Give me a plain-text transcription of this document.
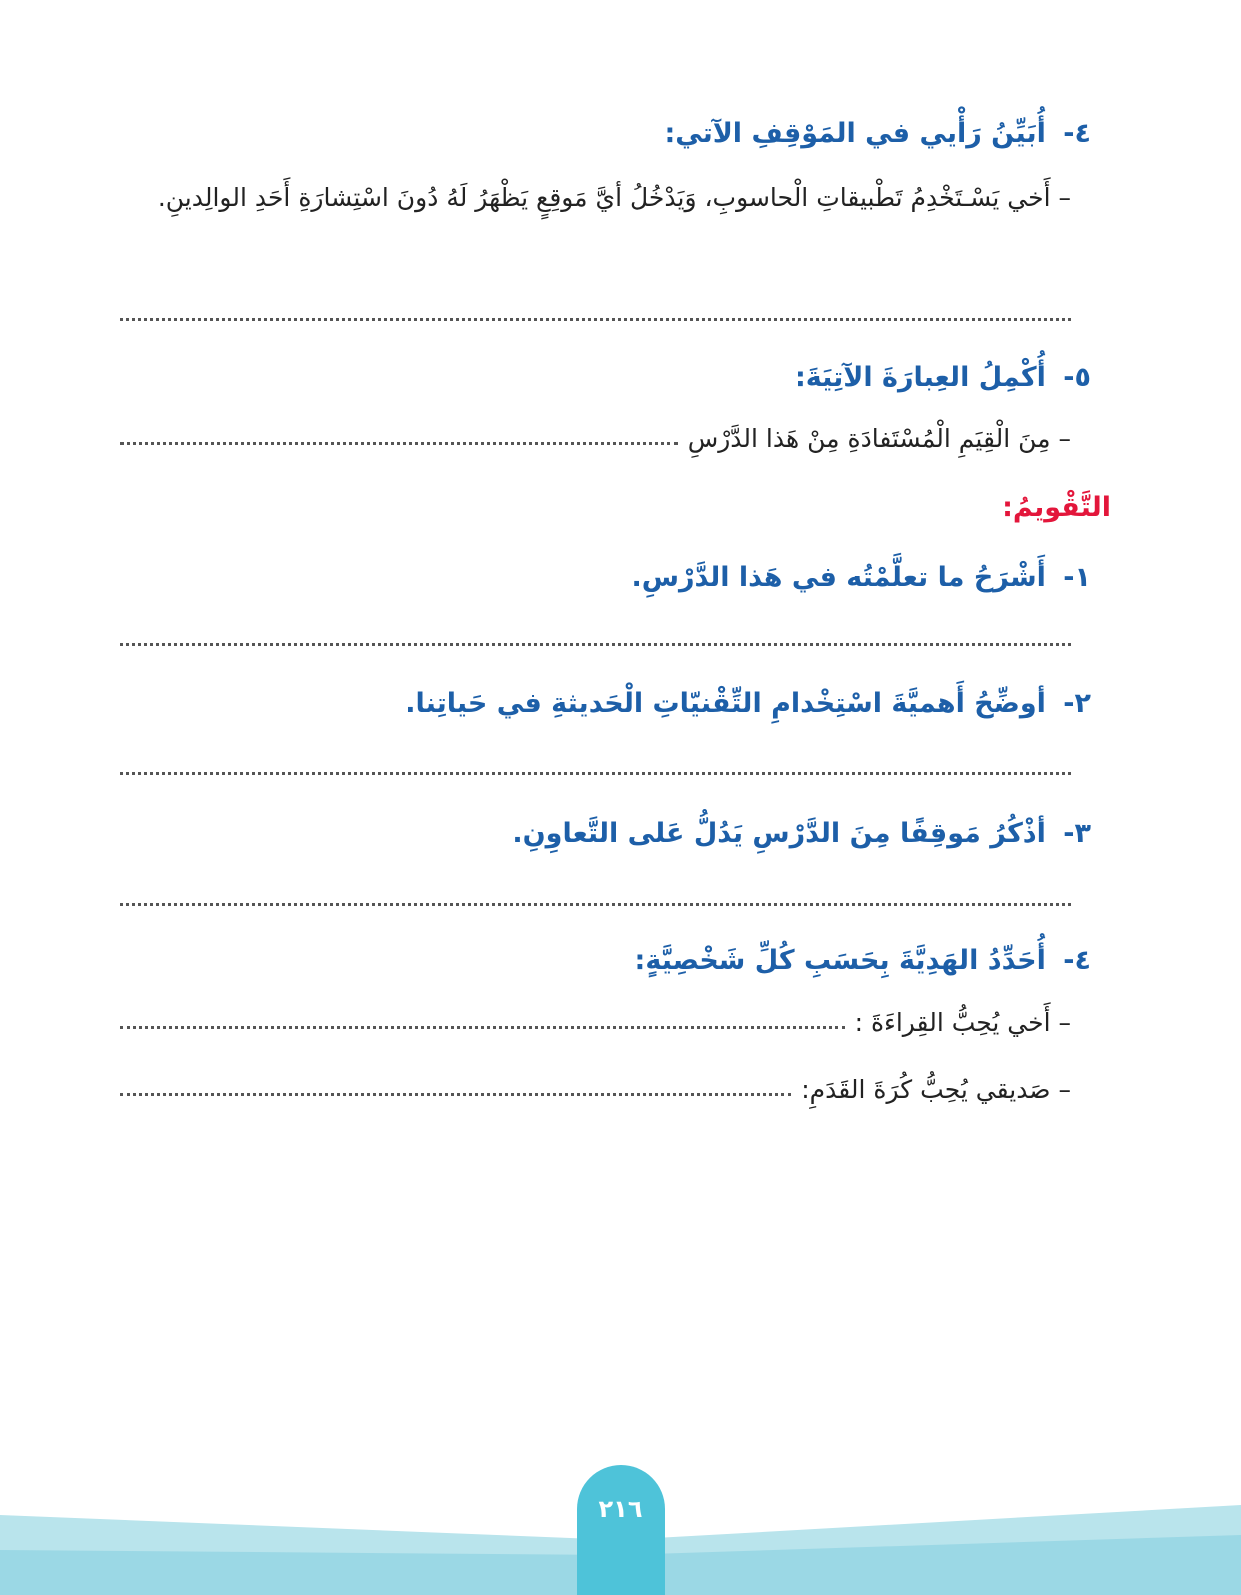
٤- أُبَيِّنُ رَأْيي في المَوْقِفِ الآتي:
– أَخي يَسْـتَخْدِمُ تَطْبيقاتِ الْحاسوبِ، وَيَدْخُلُ أيَّ مَوقِعٍ يَظْهَرُ لَهُ دُونَ اسْتِشارَةِ أَحَدِ الوالِدينِ.
٥- أُكْمِلُ العِبارَةَ الآتِيَةَ:
– مِنَ الْقِيَمِ الْمُسْتَفادَةِ مِنْ هَذا الدَّرْسِ
التَّقْويمُ:
١- أَشْرَحُ ما تعلَّمْتُه في هَذا الدَّرْسِ.
٢- أوضِّحُ أَهميَّةَ اسْتِخْدامِ التِّقْنيّاتِ الْحَديثةِ في حَياتِنا.
٣- أذْكُرُ مَوقِفًا مِنَ الدَّرْسِ يَدُلُّ عَلى التَّعاوِنِ.
٤- أُحَدِّدُ الهَدِيَّةَ بِحَسَبِ كُلِّ شَخْصِيَّةٍ:
– أَخي يُحِبُّ القِراءَةَ :
– صَديقي يُحِبُّ كُرَةَ القَدَمِ:
٢١٦
